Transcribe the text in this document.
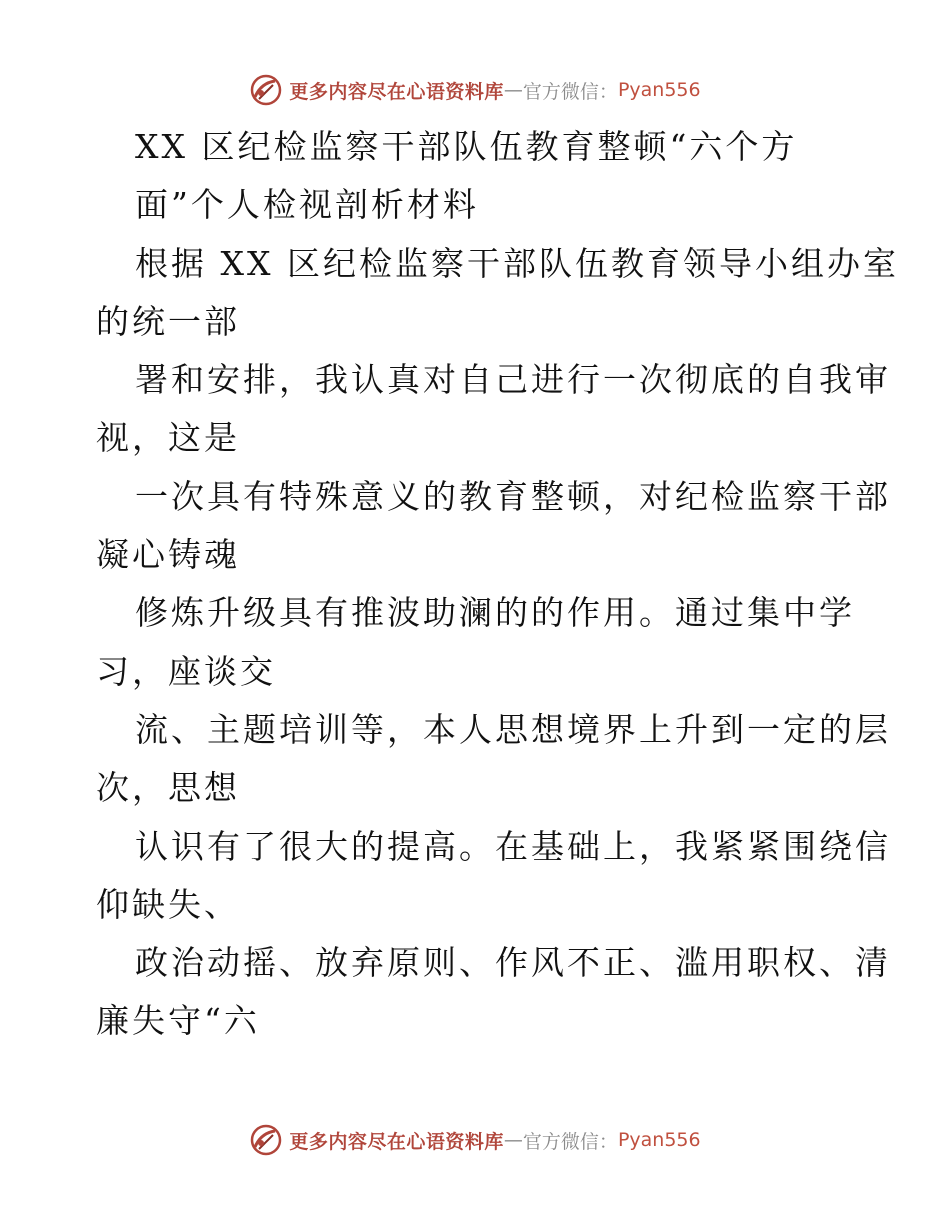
更多内容尽在心语资料库 — 官方微信： Pyan556
XX 区纪检监察干部队伍教育整顿“六个方
面”个人检视剖析材料
根据 XX 区纪检监察干部队伍教育领导小组办室
的统一部
署和安排，我认真对自己进行一次彻底的自我审
视，这是
一次具有特殊意义的教育整顿，对纪检监察干部
凝心铸魂
修炼升级具有推波助澜的的作用。通过集中学
习，座谈交
流、主题培训等，本人思想境界上升到一定的层
次，思想
认识有了很大的提高。在基础上，我紧紧围绕信
仰缺失、
政治动摇、放弃原则、作风不正、滥用职权、清
廉失守“六
更多内容尽在心语资料库 — 官方微信： Pyan556
